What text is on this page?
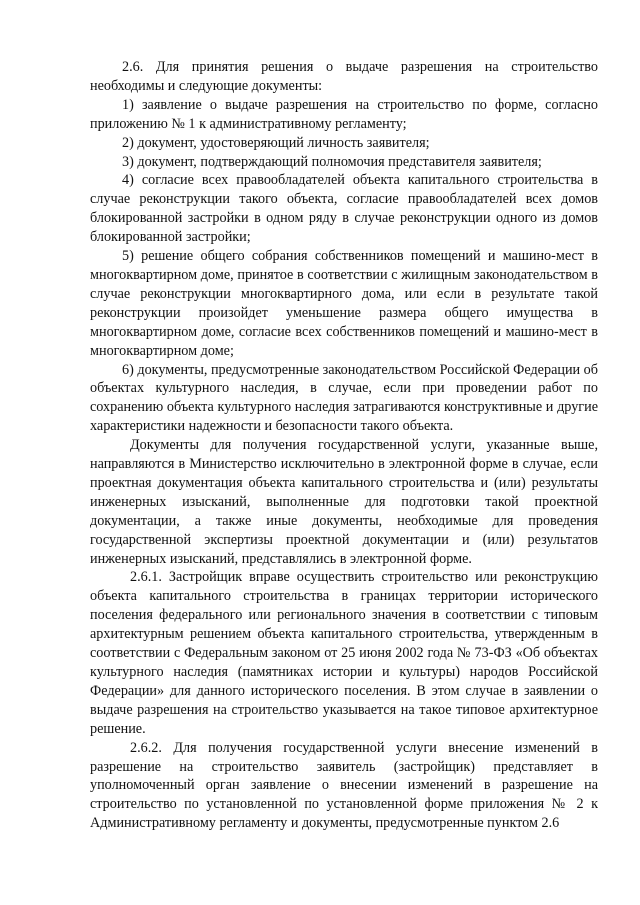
2.6. Для принятия решения о выдаче разрешения на строительство необходимы и следующие документы:

1) заявление о выдаче разрешения на строительство по форме, согласно приложению № 1 к административному регламенту;

2) документ, удостоверяющий личность заявителя;

3) документ, подтверждающий полномочия представителя заявителя;

4) согласие всех правообладателей объекта капитального строительства в случае реконструкции такого объекта, согласие правообладателей всех домов блокированной застройки в одном ряду в случае реконструкции одного из домов блокированной застройки;

5) решение общего собрания собственников помещений и машино-мест в многоквартирном доме, принятое в соответствии с жилищным законодательством в случае реконструкции многоквартирного дома, или если в результате такой реконструкции произойдет уменьшение размера общего имущества в многоквартирном доме, согласие всех собственников помещений и машино-мест в многоквартирном доме;

6) документы, предусмотренные законодательством Российской Федерации об объектах культурного наследия, в случае, если при проведении работ по сохранению объекта культурного наследия затрагиваются конструктивные и другие характеристики надежности и безопасности такого объекта.

Документы для получения государственной услуги, указанные выше, направляются в Министерство исключительно в электронной форме в случае, если проектная документация объекта капитального строительства и (или) результаты инженерных изысканий, выполненные для подготовки такой проектной документации, а также иные документы, необходимые для проведения государственной экспертизы проектной документации и (или) результатов инженерных изысканий, представлялись в электронной форме.

2.6.1. Застройщик вправе осуществить строительство или реконструкцию объекта капитального строительства в границах территории исторического поселения федерального или регионального значения в соответствии с типовым архитектурным решением объекта капитального строительства, утвержденным в соответствии с Федеральным законом от 25 июня 2002 года № 73-ФЗ «Об объектах культурного наследия (памятниках истории и культуры) народов Российской Федерации» для данного исторического поселения. В этом случае в заявлении о выдаче разрешения на строительство указывается на такое типовое архитектурное решение.

2.6.2. Для получения государственной услуги внесение изменений в разрешение на строительство заявитель (застройщик) представляет в уполномоченный орган заявление о внесении изменений в разрешение на строительство по установленной по установленной форме приложения № 2 к Административному регламенту и документы, предусмотренные пунктом 2.6
